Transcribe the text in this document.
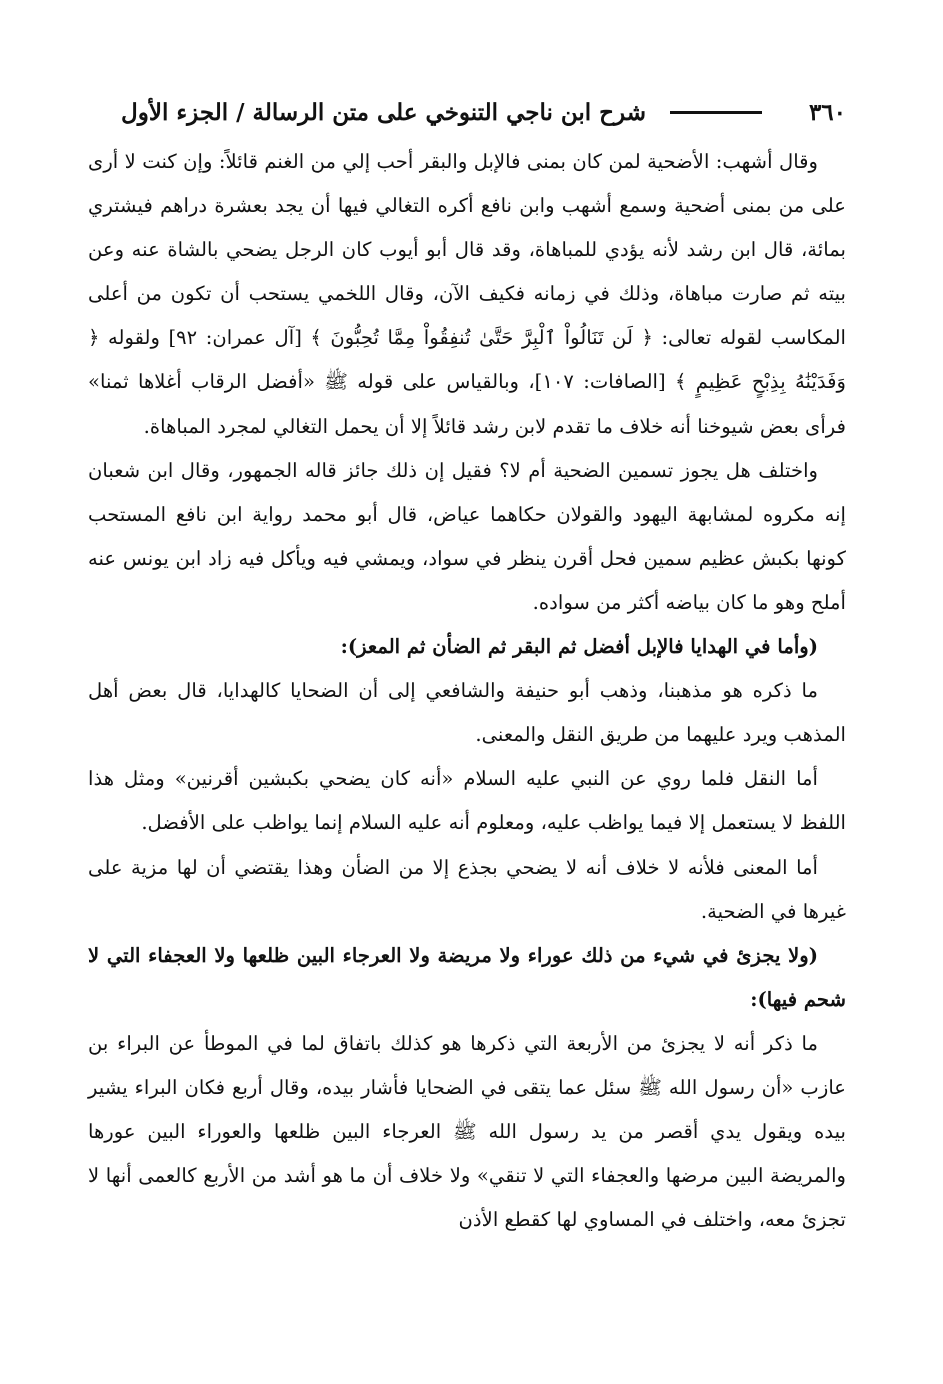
٣٦٠
شرح ابن ناجي التنوخي على متن الرسالة / الجزء الأول

وقال أشهب: الأضحية لمن كان بمنى فالإبل والبقر أحب إلي من الغنم قائلاً: وإن كنت لا أرى على من بمنى أضحية وسمع أشهب وابن نافع أكره التغالي فيها أن يجد بعشرة دراهم فيشتري بمائة، قال ابن رشد لأنه يؤدي للمباهاة، وقد قال أبو أيوب كان الرجل يضحي بالشاة عنه وعن بيته ثم صارت مباهاة، وذلك في زمانه فكيف الآن، وقال اللخمي يستحب أن تكون من أعلى المكاسب لقوله تعالى: ﴿ لَن تَنَالُواْ ٱلْبِرَّ حَتَّىٰ تُنفِقُواْ مِمَّا تُحِبُّونَ ﴾ [آل عمران: ٩٢] ولقوله ﴿ وَفَدَيْنَٰهُ بِذِبْحٍ عَظِيمٍ ﴾ [الصافات: ١٠٧]، وبالقياس على قوله ﷺ «أفضل الرقاب أغلاها ثمنا» فرأى بعض شيوخنا أنه خلاف ما تقدم لابن رشد قائلاً إلا أن يحمل التغالي لمجرد المباهاة.

واختلف هل يجوز تسمين الضحية أم لا؟ فقيل إن ذلك جائز قاله الجمهور، وقال ابن شعبان إنه مكروه لمشابهة اليهود والقولان حكاهما عياض، قال أبو محمد رواية ابن نافع المستحب كونها بكبش عظيم سمين فحل أقرن ينظر في سواد، ويمشي فيه ويأكل فيه زاد ابن يونس عنه أملح وهو ما كان بياضه أكثر من سواده.

(وأما في الهدايا فالإبل أفضل ثم البقر ثم الضأن ثم المعز):

ما ذكره هو مذهبنا، وذهب أبو حنيفة والشافعي إلى أن الضحايا كالهدايا، قال بعض أهل المذهب ويرد عليهما من طريق النقل والمعنى.

أما النقل فلما روي عن النبي عليه السلام «أنه كان يضحي بكبشين أقرنين» ومثل هذا اللفظ لا يستعمل إلا فيما يواظب عليه، ومعلوم أنه عليه السلام إنما يواظب على الأفضل.

أما المعنى فلأنه لا خلاف أنه لا يضحي بجذع إلا من الضأن وهذا يقتضي أن لها مزية على غيرها في الضحية.

(ولا يجزئ في شيء من ذلك عوراء ولا مريضة ولا العرجاء البين ظلعها ولا العجفاء التي لا شحم فيها):

ما ذكر أنه لا يجزئ من الأربعة التي ذكرها هو كذلك باتفاق لما في الموطأ عن البراء بن عازب «أن رسول الله ﷺ سئل عما يتقى في الضحايا فأشار بيده، وقال أربع فكان البراء يشير بيده ويقول يدي أقصر من يد رسول الله ﷺ العرجاء البين ظلعها والعوراء البين عورها والمريضة البين مرضها والعجفاء التي لا تنقي» ولا خلاف أن ما هو أشد من الأربع كالعمى أنها لا تجزئ معه، واختلف في المساوي لها كقطع الأذن
